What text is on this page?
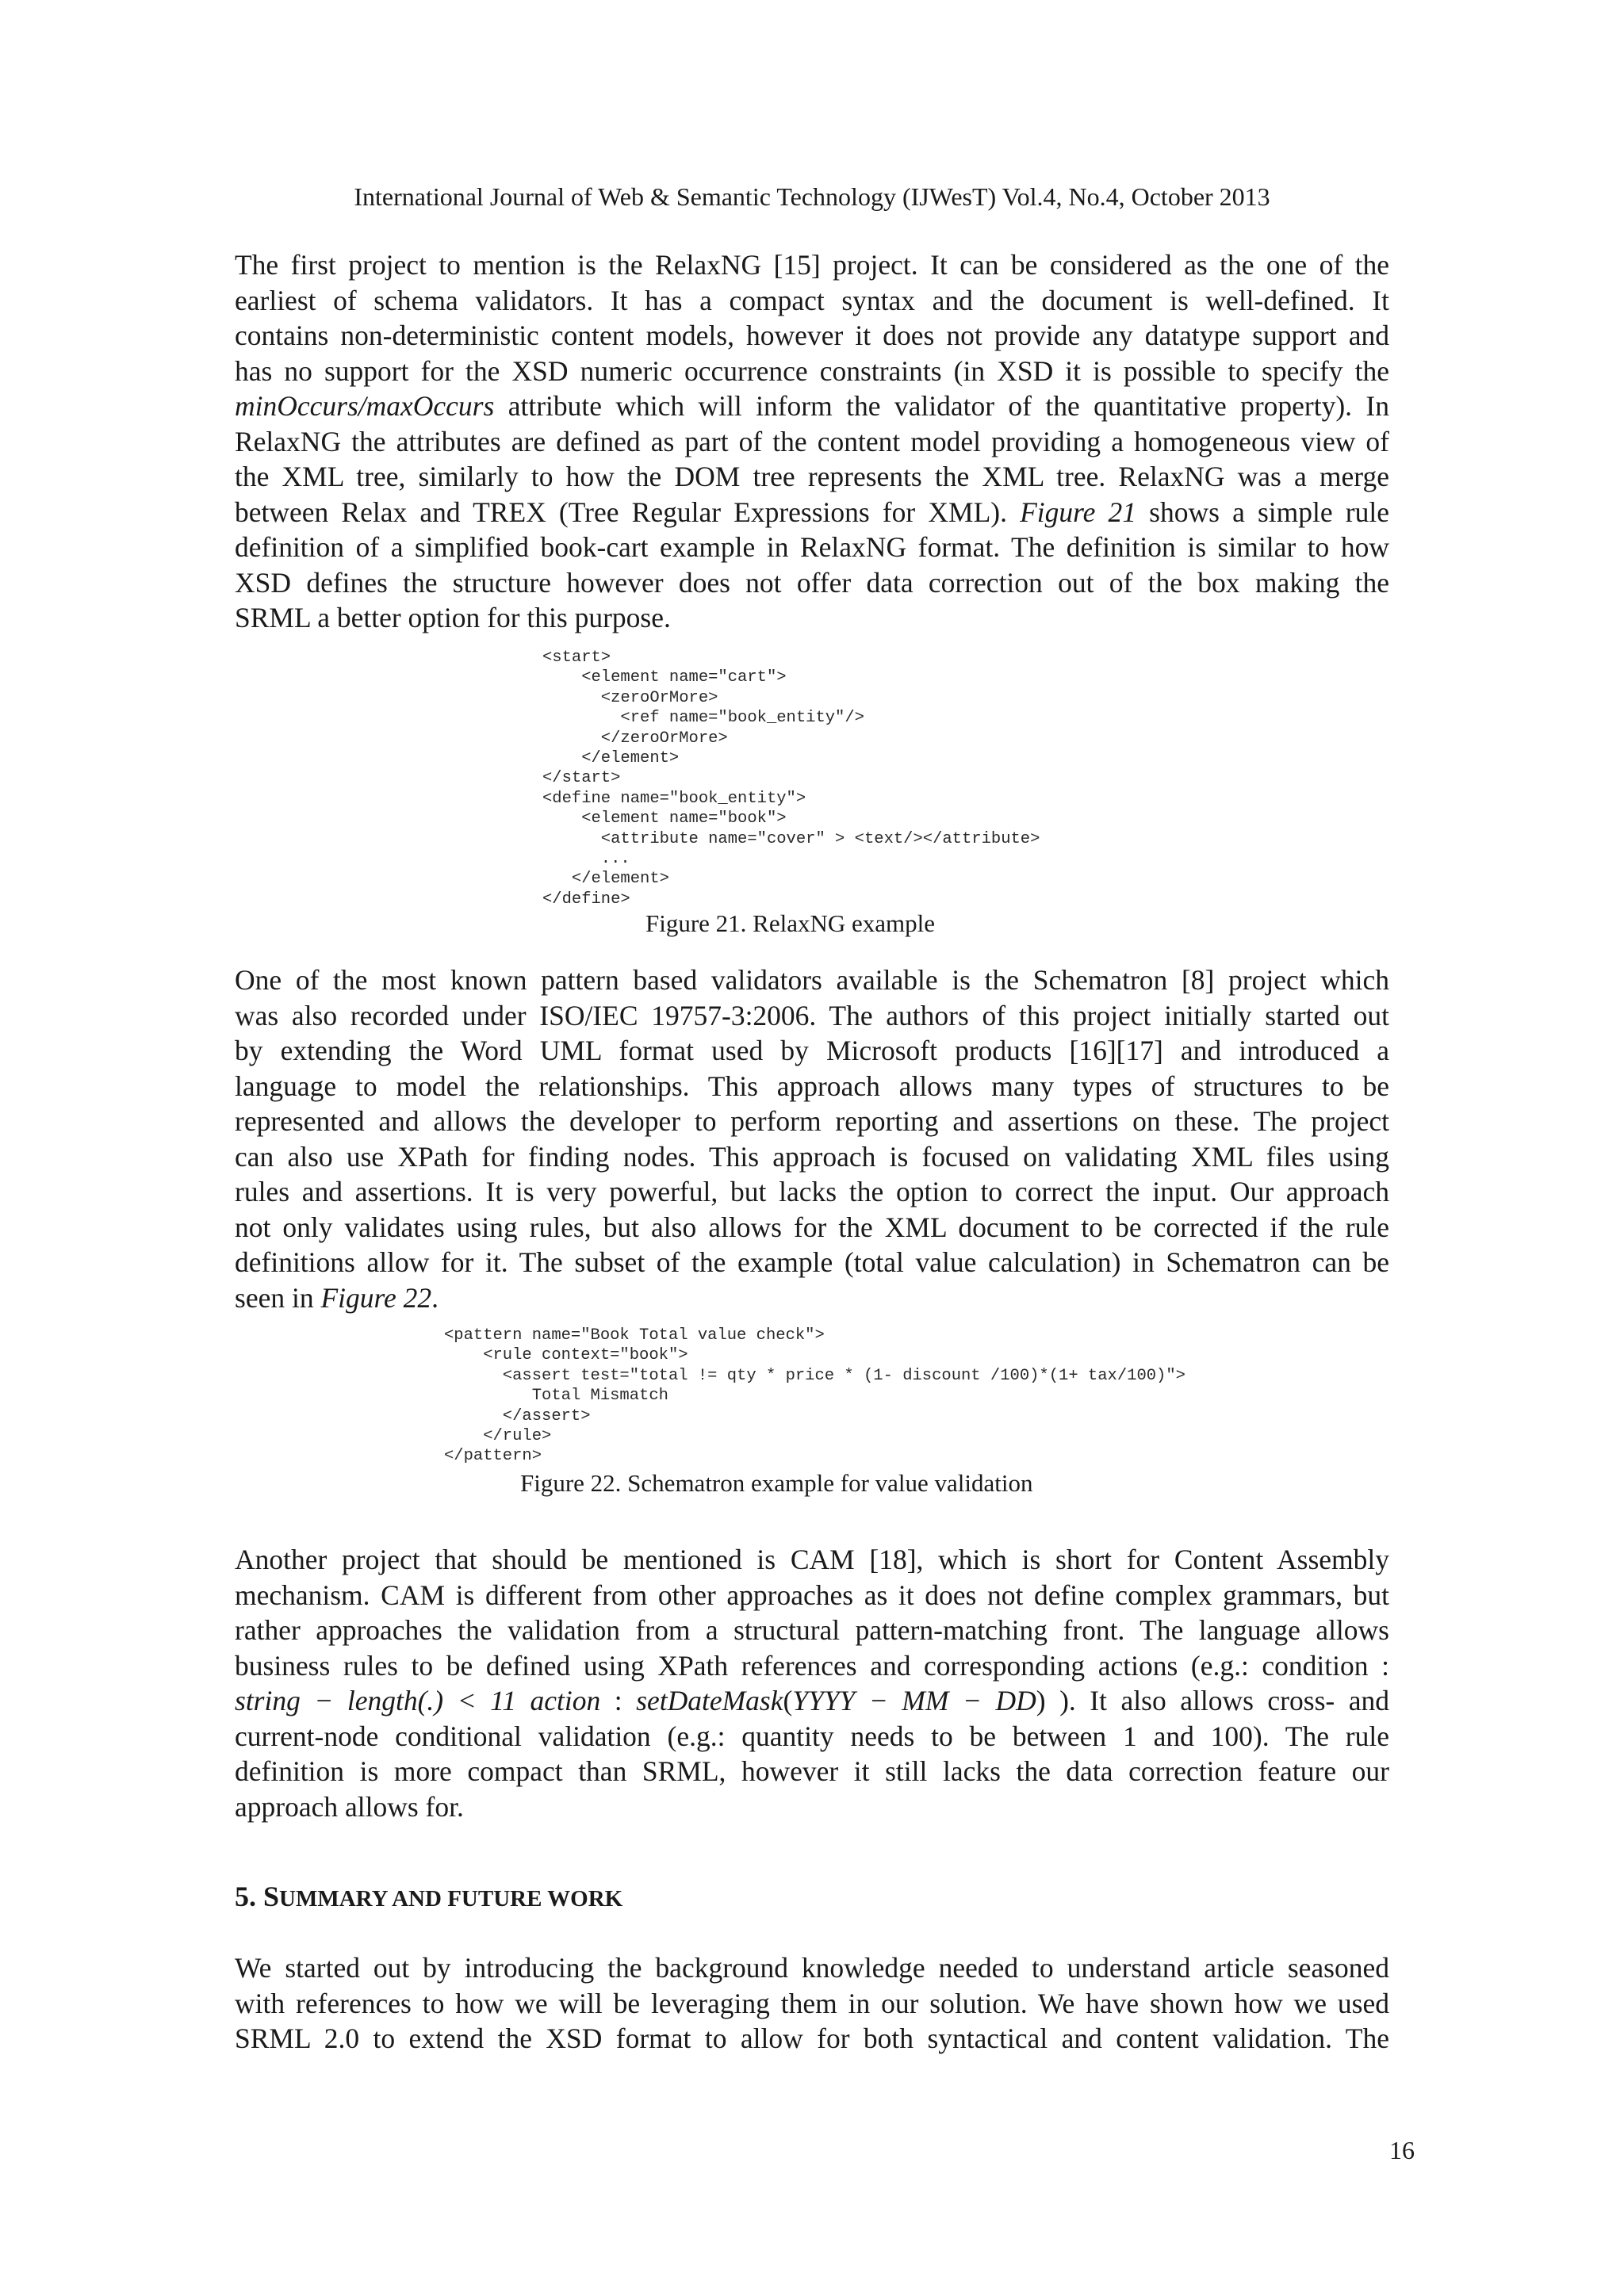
International Journal of Web & Semantic Technology (IJWesT) Vol.4, No.4, October 2013
The first project to mention is the RelaxNG [15] project. It can be considered as the one of the
earliest of schema validators. It has a compact syntax and the document is well-defined. It
contains non-deterministic content models, however it does not provide any datatype support and
has no support for the XSD numeric occurrence constraints (in XSD it is possible to specify the
minOccurs/maxOccurs attribute which will inform the validator of the quantitative property). In
RelaxNG the attributes are defined as part of the content model providing a homogeneous view of
the XML tree, similarly to how the DOM tree represents the XML tree. RelaxNG was a merge
between Relax and TREX (Tree Regular Expressions for XML). Figure 21 shows a simple rule
definition of a simplified book-cart example in RelaxNG format. The definition is similar to how
XSD defines the structure however does not offer data correction out of the box making the
SRML a better option for this purpose.
<start>
<element name="cart">
<zeroOrMore>
<ref name="book_entity"/>
</zeroOrMore>
</element>
</start>
<define name="book_entity">
<element name="book">
<attribute name="cover" > <text/></attribute>
...
</element>
</define>
Figure 21. RelaxNG example
One of the most known pattern based validators available is the Schematron [8] project which
was also recorded under ISO/IEC 19757-3:2006. The authors of this project initially started out
by extending the Word UML format used by Microsoft products [16][17] and introduced a
language to model the relationships. This approach allows many types of structures to be
represented and allows the developer to perform reporting and assertions on these. The project
can also use XPath for finding nodes. This approach is focused on validating XML files using
rules and assertions. It is very powerful, but lacks the option to correct the input. Our approach
not only validates using rules, but also allows for the XML document to be corrected if the rule
definitions allow for it. The subset of the example (total value calculation) in Schematron can be
seen in Figure 22.
<pattern name="Book Total value check">
<rule context="book">
<assert test="total != qty * price * (1- discount /100)*(1+ tax/100)">
Total Mismatch
</assert>
</rule>
</pattern>
Figure 22. Schematron example for value validation
Another project that should be mentioned is CAM [18], which is short for Content Assembly
mechanism. CAM is different from other approaches as it does not define complex grammars, but
rather approaches the validation from a structural pattern-matching front. The language allows
business rules to be defined using XPath references and corresponding actions (e.g.: condition :
string − length(.) < 11 action : setDateMask(YYYY − MM − DD) ). It also allows cross- and
current-node conditional validation (e.g.: quantity needs to be between 1 and 100). The rule
definition is more compact than SRML, however it still lacks the data correction feature our
approach allows for.
5. SUMMARY AND FUTURE WORK
We started out by introducing the background knowledge needed to understand article seasoned
with references to how we will be leveraging them in our solution. We have shown how we used
SRML 2.0 to extend the XSD format to allow for both syntactical and content validation. The
16
